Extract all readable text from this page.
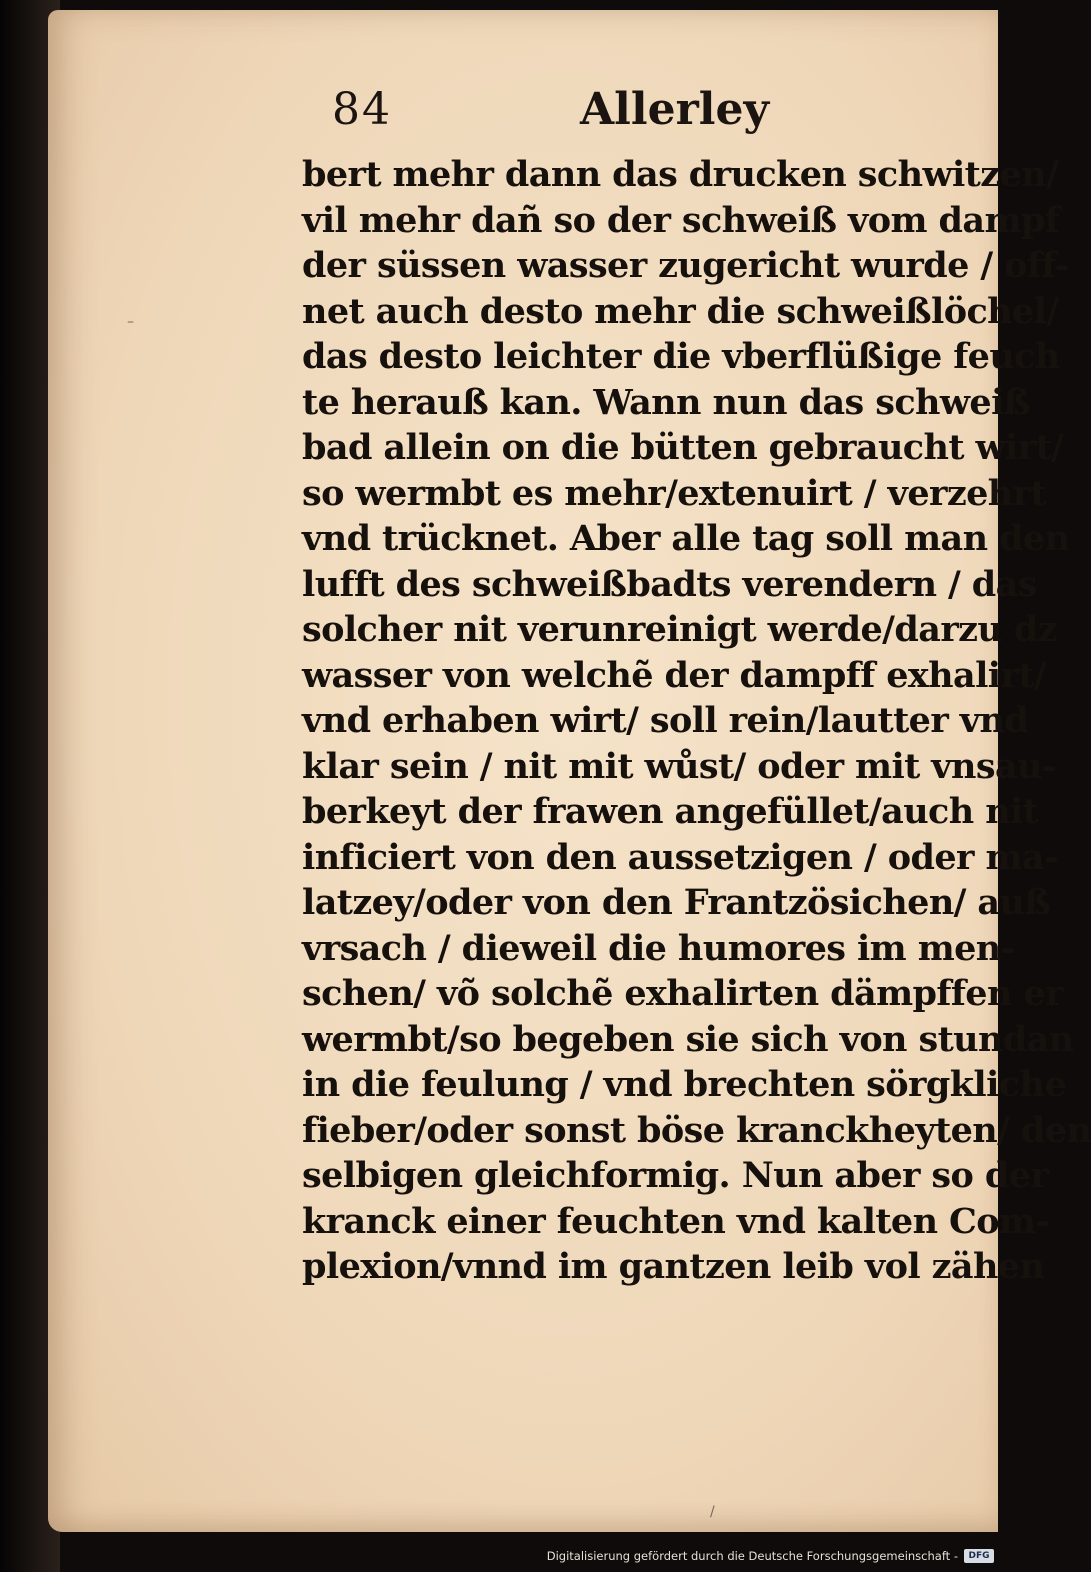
84	Allerley
bert mehr dann das drucken schwitzen/
vil mehr dañ so der schweiß vom dampf
der süssen wasser zugericht wurde / off-
net auch desto mehr die schweißlöchel/
das desto leichter die vberflüßige feuch
te herauß kan. Wann nun das schweiß
bad allein on die bütten gebraucht wirt/
so wermbt es mehr/extenuirt / verzehrt
vnd trücknet. Aber alle tag soll man den
lufft des schweißbadts verendern / das
solcher nit verunreinigt werde/darzu dz
wasser von welchẽ der dampff exhalirt/
vnd erhaben wirt/ soll rein/lautter vnd
klar sein / nit mit wůst/ oder mit vnsau-
berkeyt der frawen angefüllet/auch nit
inficiert von den aussetzigen / oder ma-
latzey/oder von den Frantzösichen/ auß
vrsach / dieweil die humores im men-
schen/ võ solchẽ exhalirten dämpffen er
wermbt/so begeben sie sich von stundan
in die feulung / vnd brechten sörgkliche
fieber/oder sonst böse kranckheyten/ den
selbigen gleichformig. Nun aber so der
kranck einer feuchten vnd kalten Com-
plexion/vnnd im gantzen leib vol zähen
–
/
Digitalisierung gefördert durch die Deutsche Forschungsgemeinschaft -	DFG
